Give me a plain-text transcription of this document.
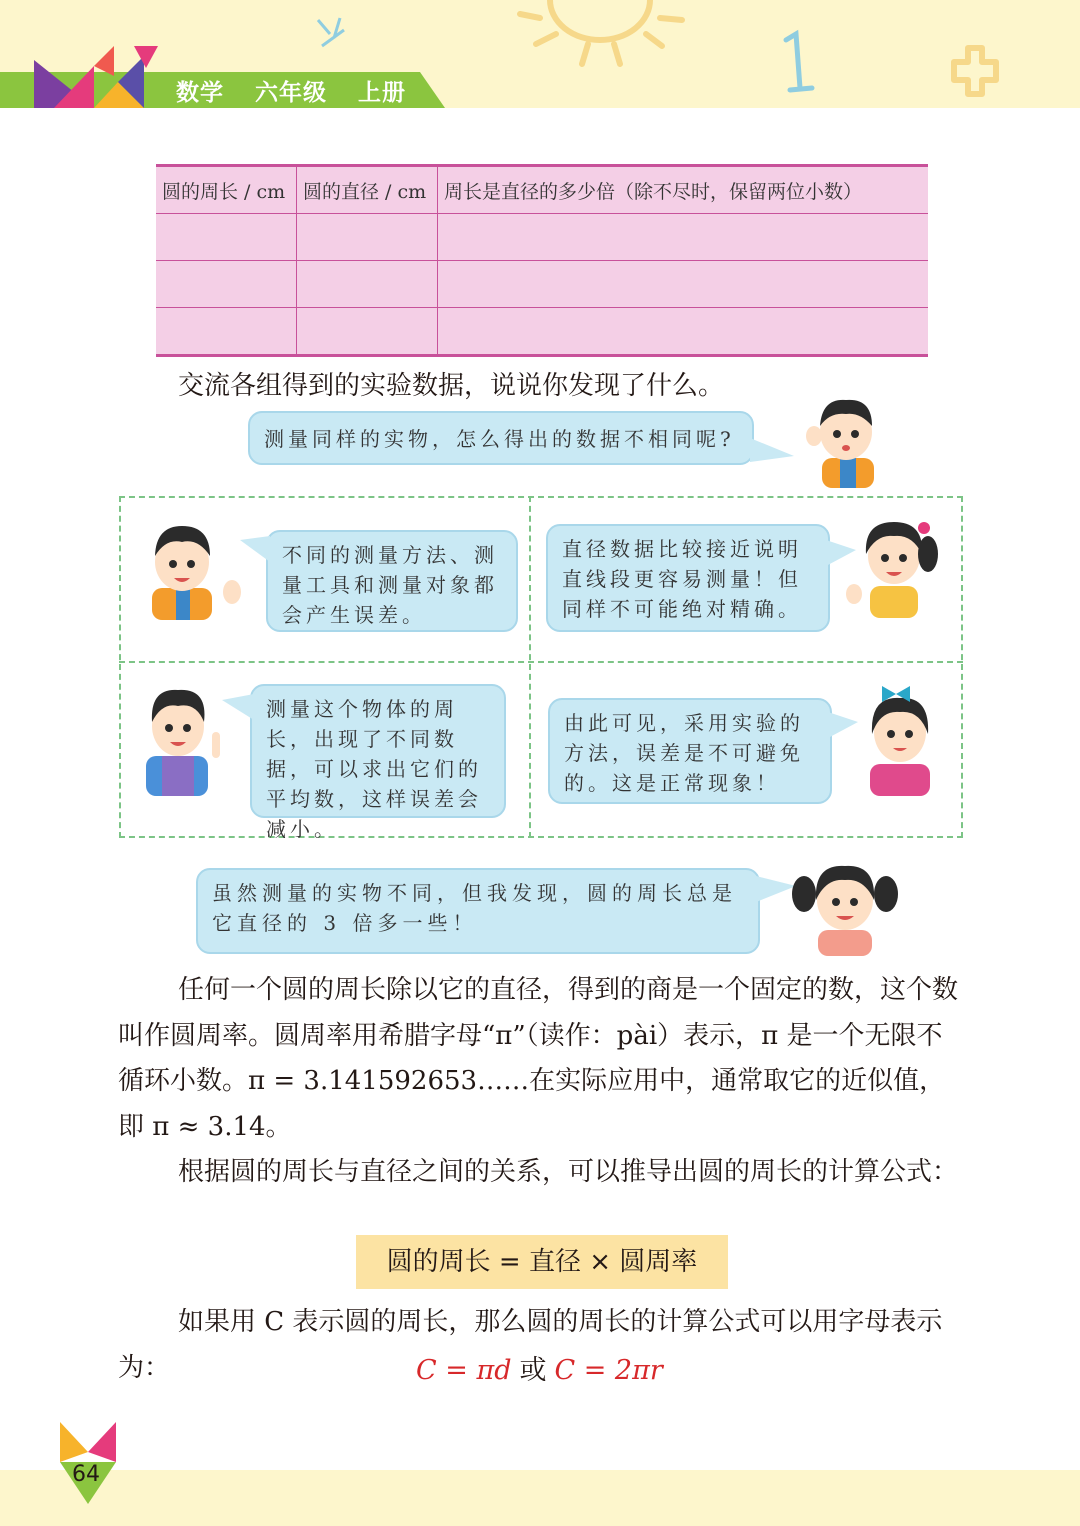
数学 六年级 上册
圆的周长 / cm	圆的直径 / cm	周长是直径的多少倍（除不尽时，保留两位小数）

交流各组得到的实验数据，说说你发现了什么。
测量同样的实物，怎么得出的数据不相同呢?
不同的测量方法、测量工具和测量对象都会产生误差。
直径数据比较接近说明直线段更容易测量！但同样不可能绝对精确。
测量这个物体的周长，出现了不同数据，可以求出它们的平均数，这样误差会减小。
由此可见，采用实验的方法，误差是不可避免的。这是正常现象！
虽然测量的实物不同，但我发现，圆的周长总是它直径的 3 倍多一些！
任何一个圆的周长除以它的直径，得到的商是一个固定的数，这个数叫作圆周率。圆周率用希腊字母“π”（读作：pài）表示，π 是一个无限不循环小数。π = 3.141592653……在实际应用中，通常取它的近似值，即 π ≈ 3.14。
根据圆的周长与直径之间的关系，可以推导出圆的周长的计算公式：
圆的周长 = 直径 × 圆周率
如果用 C 表示圆的周长，那么圆的周长的计算公式可以用字母表示为：	C = πd 或 C = 2πr
64
